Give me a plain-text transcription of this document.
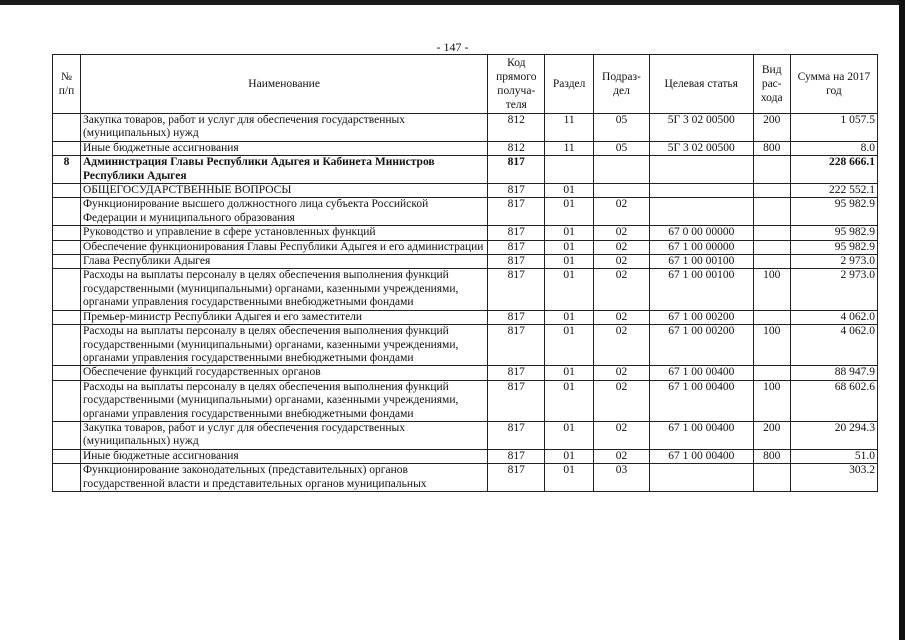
- 147 -
№ п/п	Наименование	Код прямого получа-теля	Раздел	Подраз-дел	Целевая статья	Вид рас-хода	Сумма на 2017 год
	Закупка товаров, работ и услуг для обеспечения государственных (муниципальных) нужд	812	11	05	5Г 3 02 00500	200	1 057.5
	Иные бюджетные ассигнования	812	11	05	5Г 3 02 00500	800	8.0
8	Администрация Главы Республики Адыгея и Кабинета Министров Республики Адыгея	817					228 666.1
	ОБЩЕГОСУДАРСТВЕННЫЕ ВОПРОСЫ	817	01				222 552.1
	Функционирование высшего должностного лица субъекта Российской Федерации и муниципального образования	817	01	02			95 982.9
	Руководство и управление в сфере установленных функций	817	01	02	67 0 00 00000		95 982.9
	Обеспечение функционирования Главы Республики Адыгея и его администрации	817	01	02	67 1 00 00000		95 982.9
	Глава Республики Адыгея	817	01	02	67 1 00 00100		2 973.0
	Расходы на выплаты персоналу в целях обеспечения выполнения функций государственными (муниципальными) органами, казенными учреждениями, органами управления государственными внебюджетными фондами	817	01	02	67 1 00 00100	100	2 973.0
	Премьер-министр Республики Адыгея и его заместители	817	01	02	67 1 00 00200		4 062.0
	Расходы на выплаты персоналу в целях обеспечения выполнения функций государственными (муниципальными) органами, казенными учреждениями, органами управления государственными внебюджетными фондами	817	01	02	67 1 00 00200	100	4 062.0
	Обеспечение функций государственных органов	817	01	02	67 1 00 00400		88 947.9
	Расходы на выплаты персоналу в целях обеспечения выполнения функций государственными (муниципальными) органами, казенными учреждениями, органами управления государственными внебюджетными фондами	817	01	02	67 1 00 00400	100	68 602.6
	Закупка товаров, работ и услуг для обеспечения государственных (муниципальных) нужд	817	01	02	67 1 00 00400	200	20 294.3
	Иные бюджетные ассигнования	817	01	02	67 1 00 00400	800	51.0
	Функционирование законодательных (представительных) органов государственной власти и представительных органов муниципальных	817	01	03			303.2
